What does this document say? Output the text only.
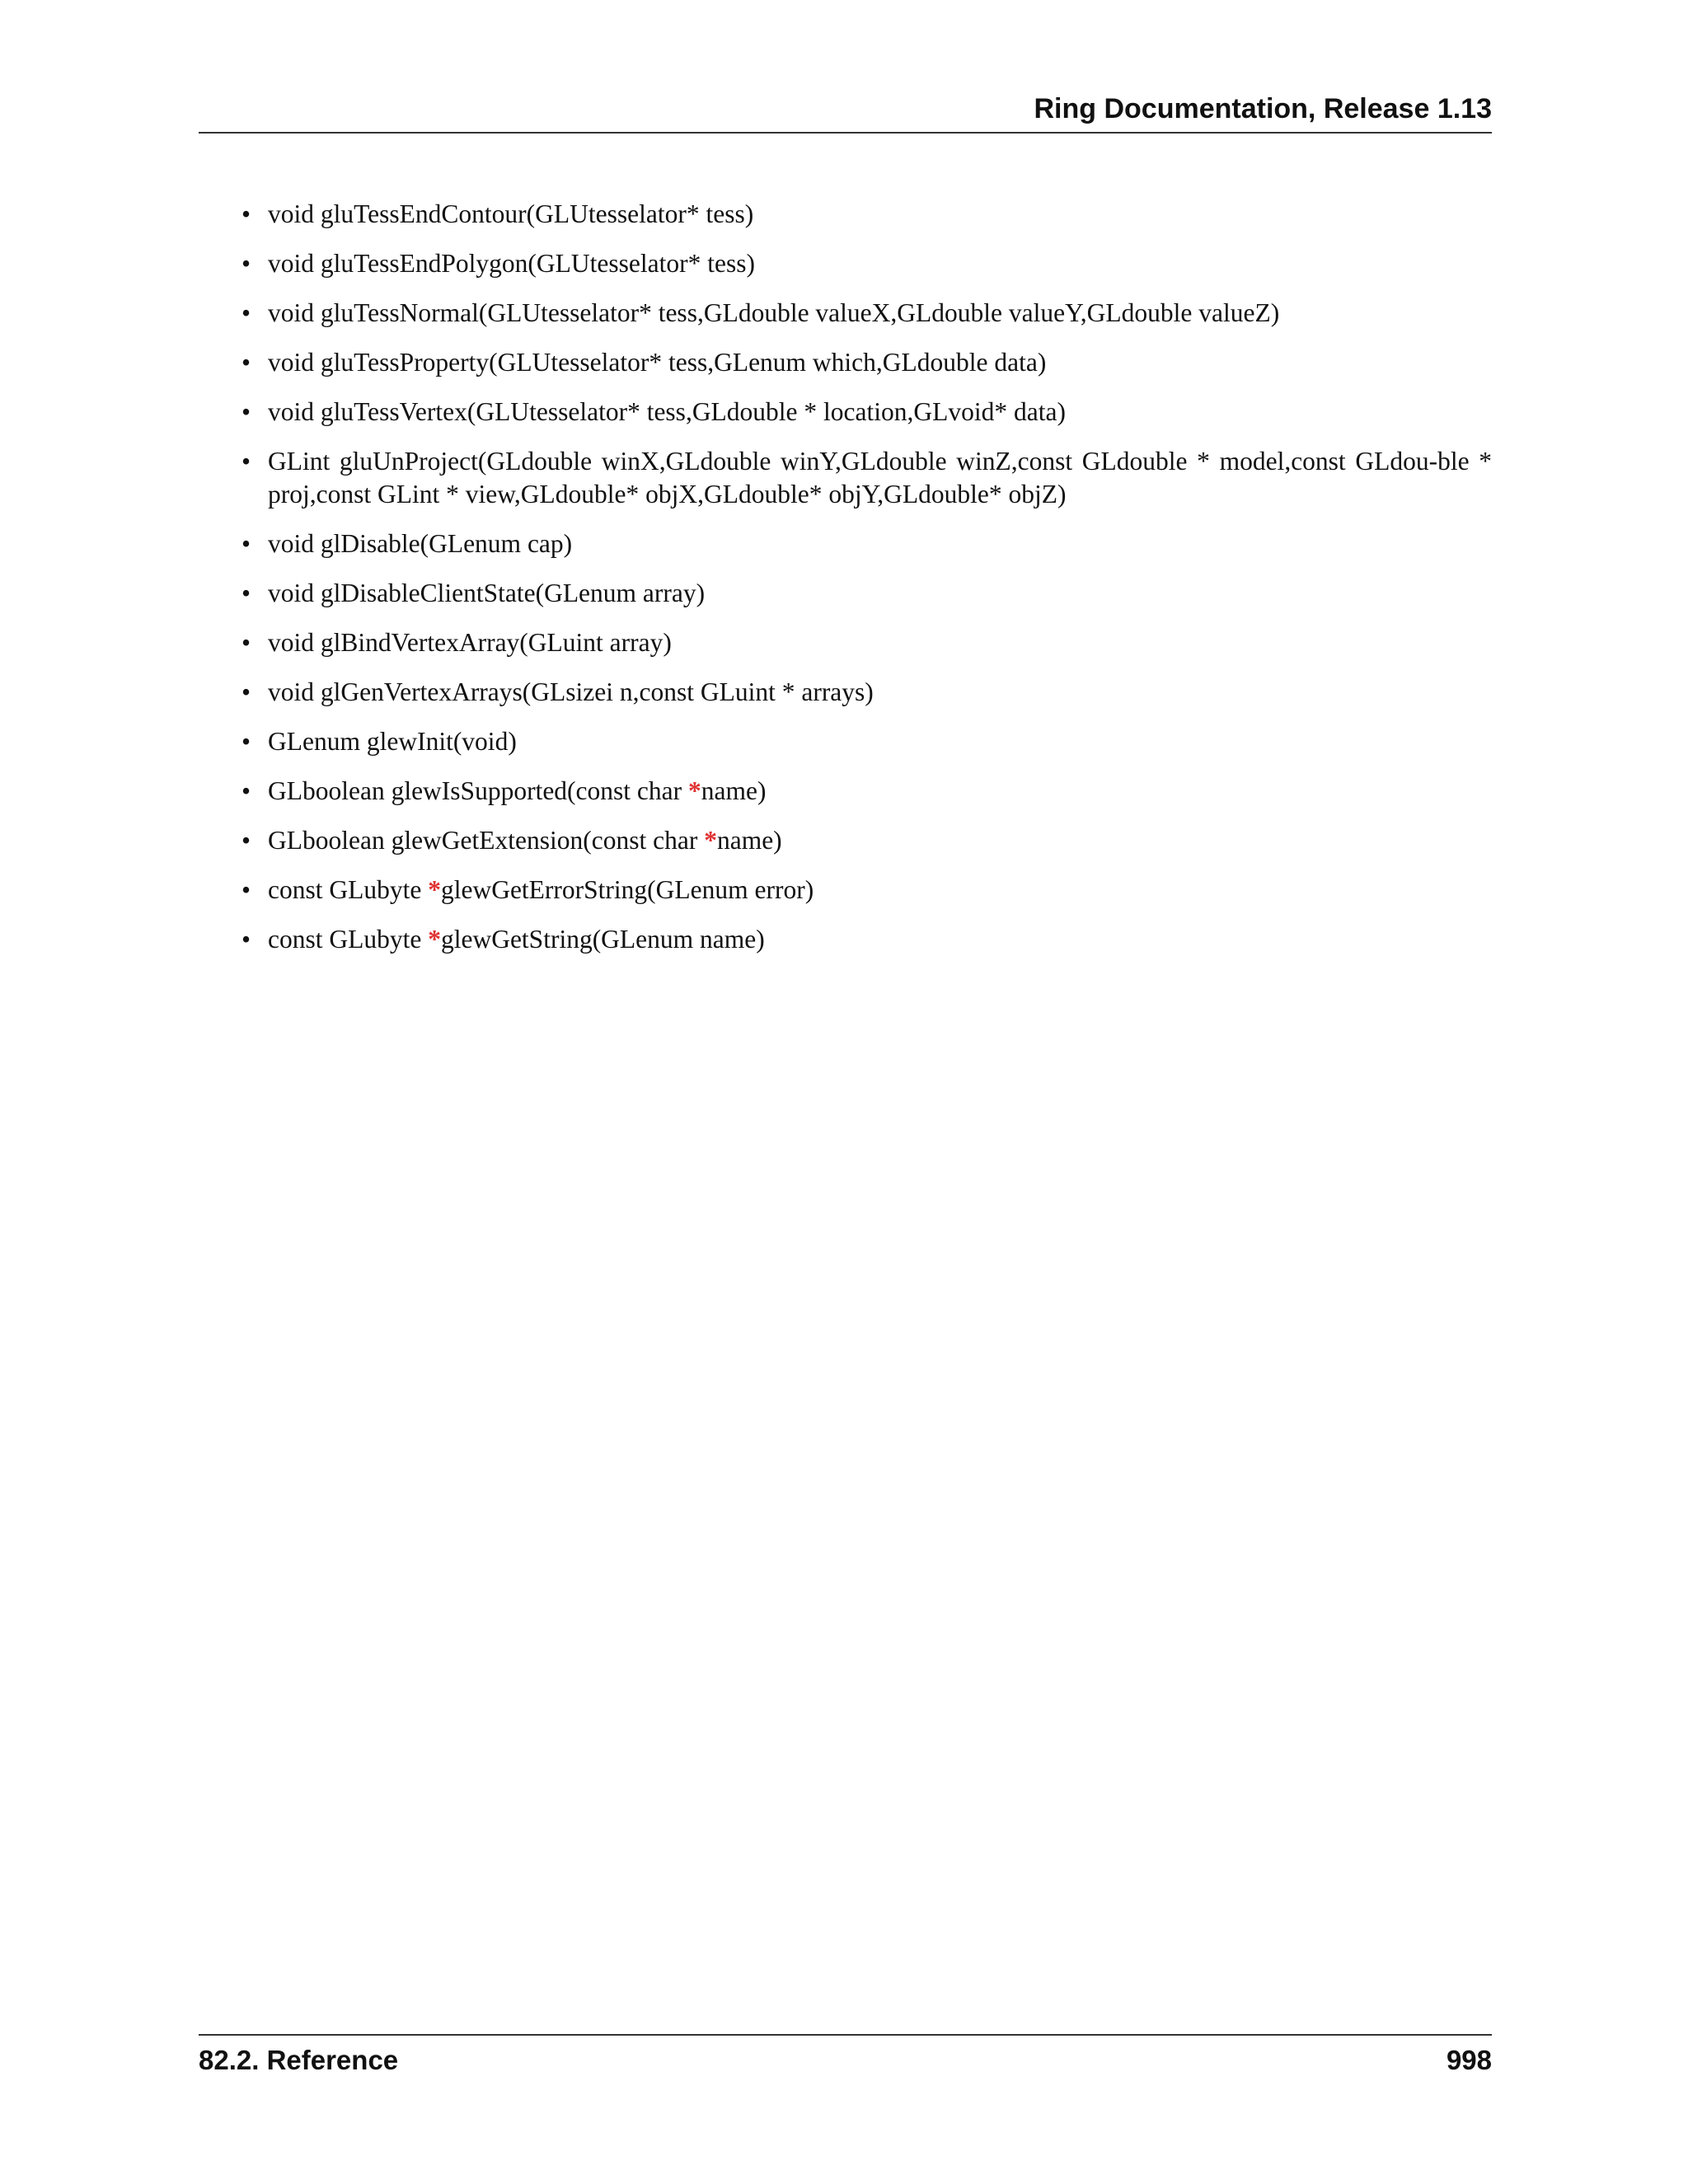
Ring Documentation, Release 1.13
• void gluTessEndContour(GLUtesselator* tess)
• void gluTessEndPolygon(GLUtesselator* tess)
• void gluTessNormal(GLUtesselator* tess,GLdouble valueX,GLdouble valueY,GLdouble valueZ)
• void gluTessProperty(GLUtesselator* tess,GLenum which,GLdouble data)
• void gluTessVertex(GLUtesselator* tess,GLdouble * location,GLvoid* data)
• GLint gluUnProject(GLdouble winX,GLdouble winY,GLdouble winZ,const GLdouble * model,const GLdou-ble * proj,const GLint * view,GLdouble* objX,GLdouble* objY,GLdouble* objZ)
• void glDisable(GLenum cap)
• void glDisableClientState(GLenum array)
• void glBindVertexArray(GLuint array)
• void glGenVertexArrays(GLsizei n,const GLuint * arrays)
• GLenum glewInit(void)
• GLboolean glewIsSupported(const char *name)
• GLboolean glewGetExtension(const char *name)
• const GLubyte *glewGetErrorString(GLenum error)
• const GLubyte *glewGetString(GLenum name)
82.2. Reference	998
